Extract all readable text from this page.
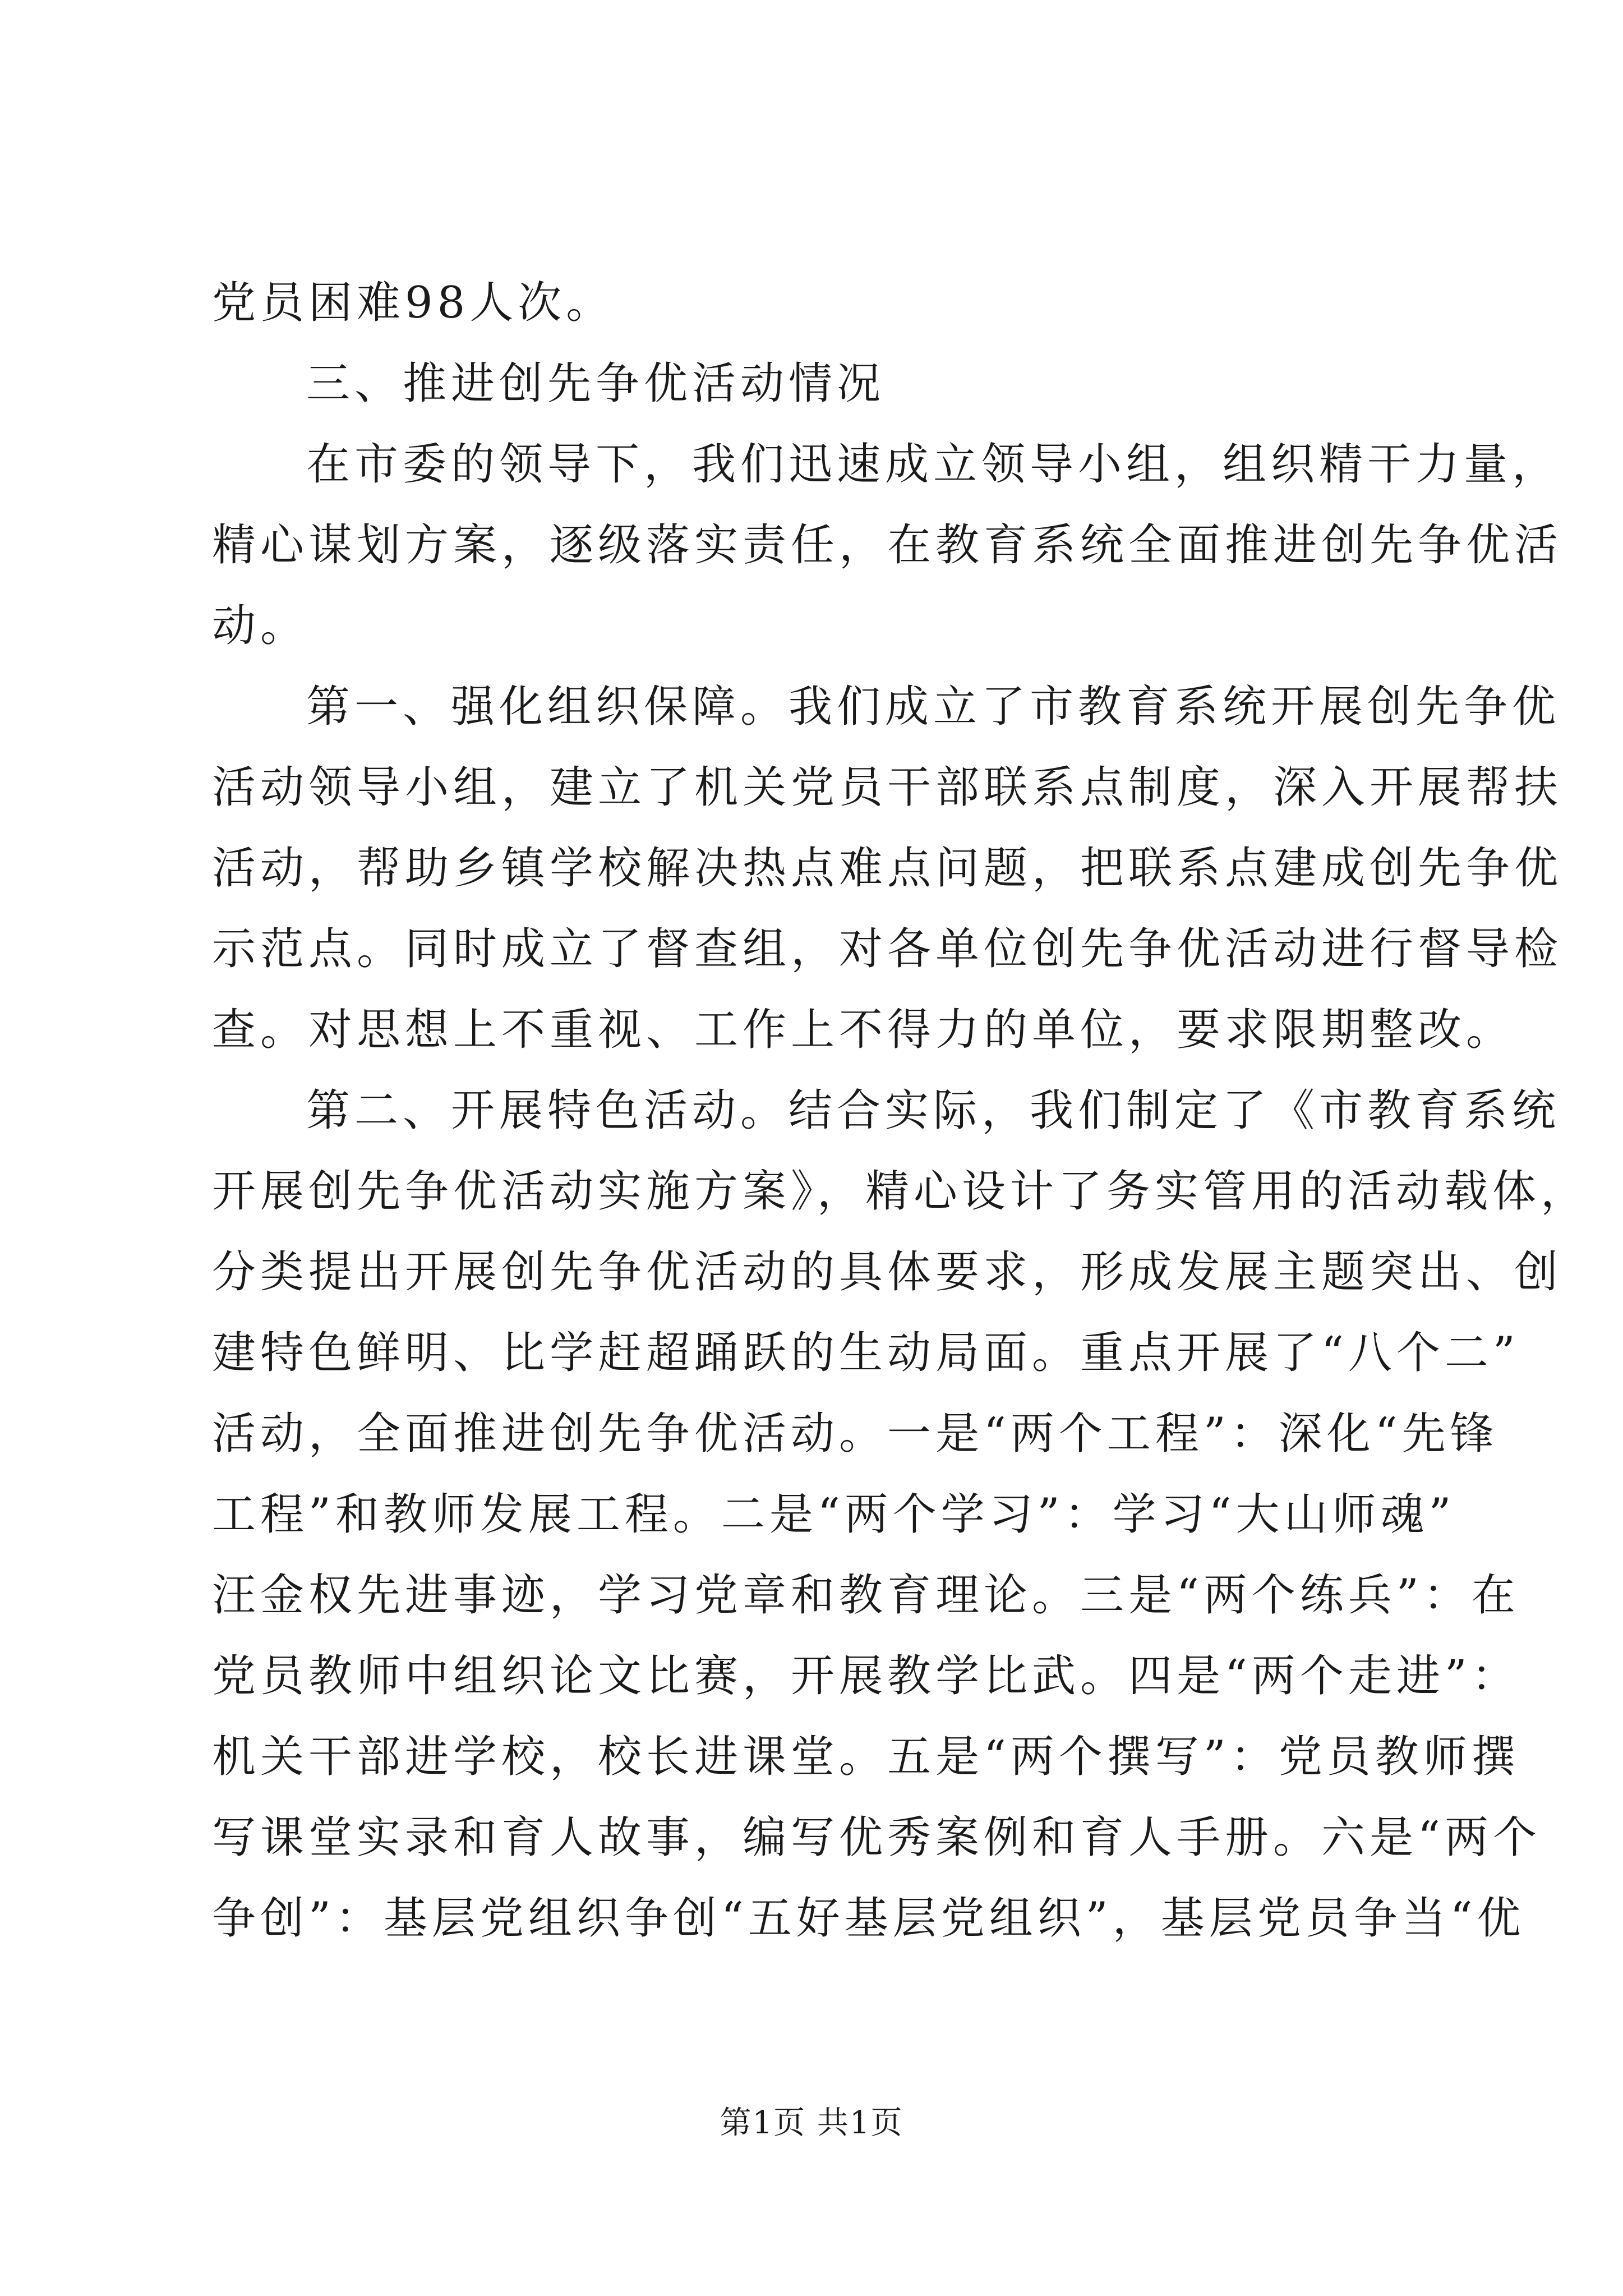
党员困难98人次。
三、推进创先争优活动情况
在市委的领导下，我们迅速成立领导小组，组织精干力量，
精心谋划方案，逐级落实责任，在教育系统全面推进创先争优活
动。
第一、强化组织保障。我们成立了市教育系统开展创先争优
活动领导小组，建立了机关党员干部联系点制度，深入开展帮扶
活动，帮助乡镇学校解决热点难点问题，把联系点建成创先争优
示范点。同时成立了督查组，对各单位创先争优活动进行督导检
查。对思想上不重视、工作上不得力的单位，要求限期整改。
第二、开展特色活动。结合实际，我们制定了《市教育系统
开展创先争优活动实施方案》，精心设计了务实管用的活动载体，
分类提出开展创先争优活动的具体要求，形成发展主题突出、创
建特色鲜明、比学赶超踊跃的生动局面。重点开展了“八个二”
活动，全面推进创先争优活动。一是“两个工程”：深化“先锋
工程”和教师发展工程。二是“两个学习”：学习“大山师魂”
汪金权先进事迹，学习党章和教育理论。三是“两个练兵”：在
党员教师中组织论文比赛，开展教学比武。四是“两个走进”：
机关干部进学校，校长进课堂。五是“两个撰写”：党员教师撰
写课堂实录和育人故事，编写优秀案例和育人手册。六是“两个
争创”：基层党组织争创“五好基层党组织”，基层党员争当“优
第1页 共1页
